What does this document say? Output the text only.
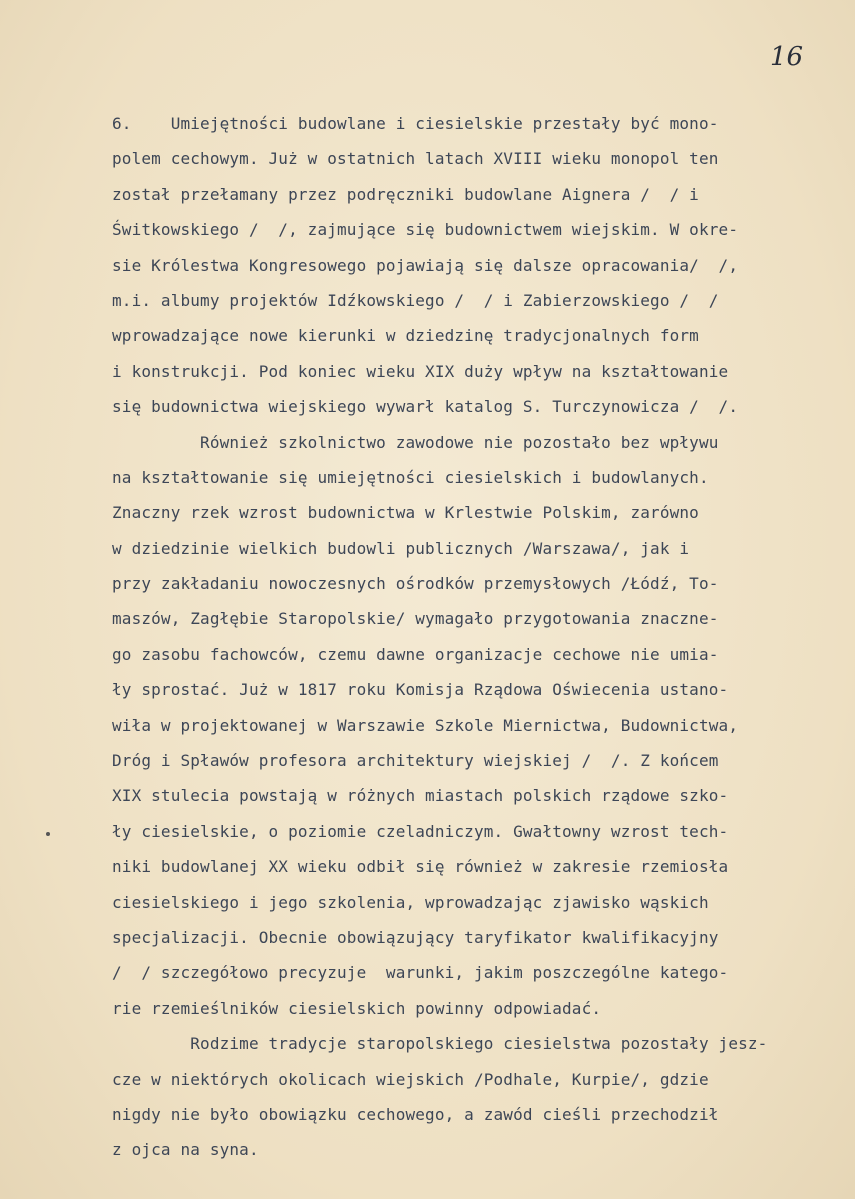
16
6.    Umiejętności budowlane i ciesielskie przestały być mono-
polem cechowym. Już w ostatnich latach XVIII wieku monopol ten
został przełamany przez podręczniki budowlane Aignera /  / i
Świtkowskiego /  /, zajmujące się budownictwem wiejskim. W okre-
sie Królestwa Kongresowego pojawiają się dalsze opracowania/  /,
m.i. albumy projektów Idźkowskiego /  / i Zabierzowskiego /  /
wprowadzające nowe kierunki w dziedzinę tradycjonalnych form
i konstrukcji. Pod koniec wieku XIX duży wpływ na kształtowanie
się budownictwa wiejskiego wywarł katalog S. Turczynowicza /  /.
Również szkolnictwo zawodowe nie pozostało bez wpływu
na kształtowanie się umiejętności ciesielskich i budowlanych.
Znaczny rzek wzrost budownictwa w Krlestwie Polskim, zarówno
w dziedzinie wielkich budowli publicznych /Warszawa/, jak i
przy zakładaniu nowoczesnych ośrodków przemysłowych /Łódź, To-
maszów, Zagłębie Staropolskie/ wymagało przygotowania znaczne-
go zasobu fachowców, czemu dawne organizacje cechowe nie umia-
ły sprostać. Już w 1817 roku Komisja Rządowa Oświecenia ustano-
wiła w projektowanej w Warszawie Szkole Miernictwa, Budownictwa,
Dróg i Spławów profesora architektury wiejskiej /  /. Z końcem
XIX stulecia powstają w różnych miastach polskich rządowe szko-
ły ciesielskie, o poziomie czeladniczym. Gwałtowny wzrost tech-
niki budowlanej XX wieku odbił się również w zakresie rzemiosła
ciesielskiego i jego szkolenia, wprowadzając zjawisko wąskich
specjalizacji. Obecnie obowiązujący taryfikator kwalifikacyjny
/  / szczegółowo precyzuje  warunki, jakim poszczególne katego-
rie rzemieślników ciesielskich powinny odpowiadać.
Rodzime tradycje staropolskiego ciesielstwa pozostały jesz-
cze w niektórych okolicach wiejskich /Podhale, Kurpie/, gdzie
nigdy nie było obowiązku cechowego, a zawód cieśli przechodził
z ojca na syna.
